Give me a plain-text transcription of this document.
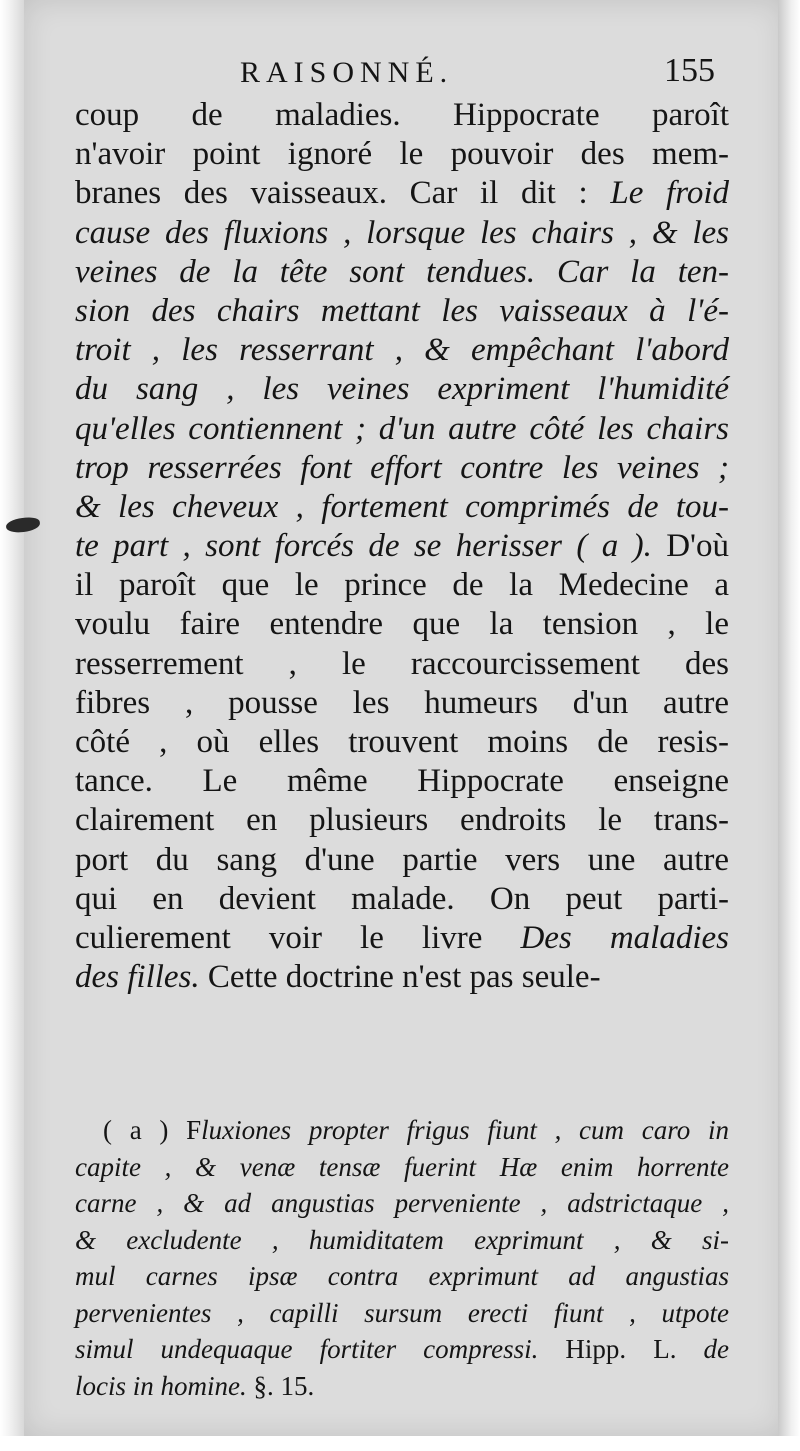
RAISONNÉ.	155
coup de maladies. Hippocrate paroît
n'avoir point ignoré le pouvoir des mem-
branes des vaisseaux. Car il dit : Le froid
cause des fluxions , lorsque les chairs , & les
veines de la tête sont tendues. Car la ten-
sion des chairs mettant les vaisseaux à l'é-
troit , les resserrant , & empêchant l'abord
du sang , les veines expriment l'humidité
qu'elles contiennent ; d'un autre côté les chairs
trop resserrées font effort contre les veines ;
& les cheveux , fortement comprimés de tou-
te part , sont forcés de se herisser ( a ). D'où
il paroît que le prince de la Medecine a
voulu faire entendre que la tension , le
resserrement , le raccourcissement des
fibres , pousse les humeurs d'un autre
côté , où elles trouvent moins de resis-
tance. Le même Hippocrate enseigne
clairement en plusieurs endroits le trans-
port du sang d'une partie vers une autre
qui en devient malade. On peut parti-
culierement voir le livre Des maladies
des filles. Cette doctrine n'est pas seule-
( a ) Fluxiones propter frigus fiunt , cum caro in
capite , & venæ tensæ fuerint Hæ enim horrente
carne , & ad angustias perveniente , adstrictaque ,
& excludente , humiditatem exprimunt , & si-
mul carnes ipsæ contra exprimunt ad angustias
pervenientes , capilli sursum erecti fiunt , utpote
simul undequaque fortiter compressi. Hipp. L. de
locis in homine. §. 15.
